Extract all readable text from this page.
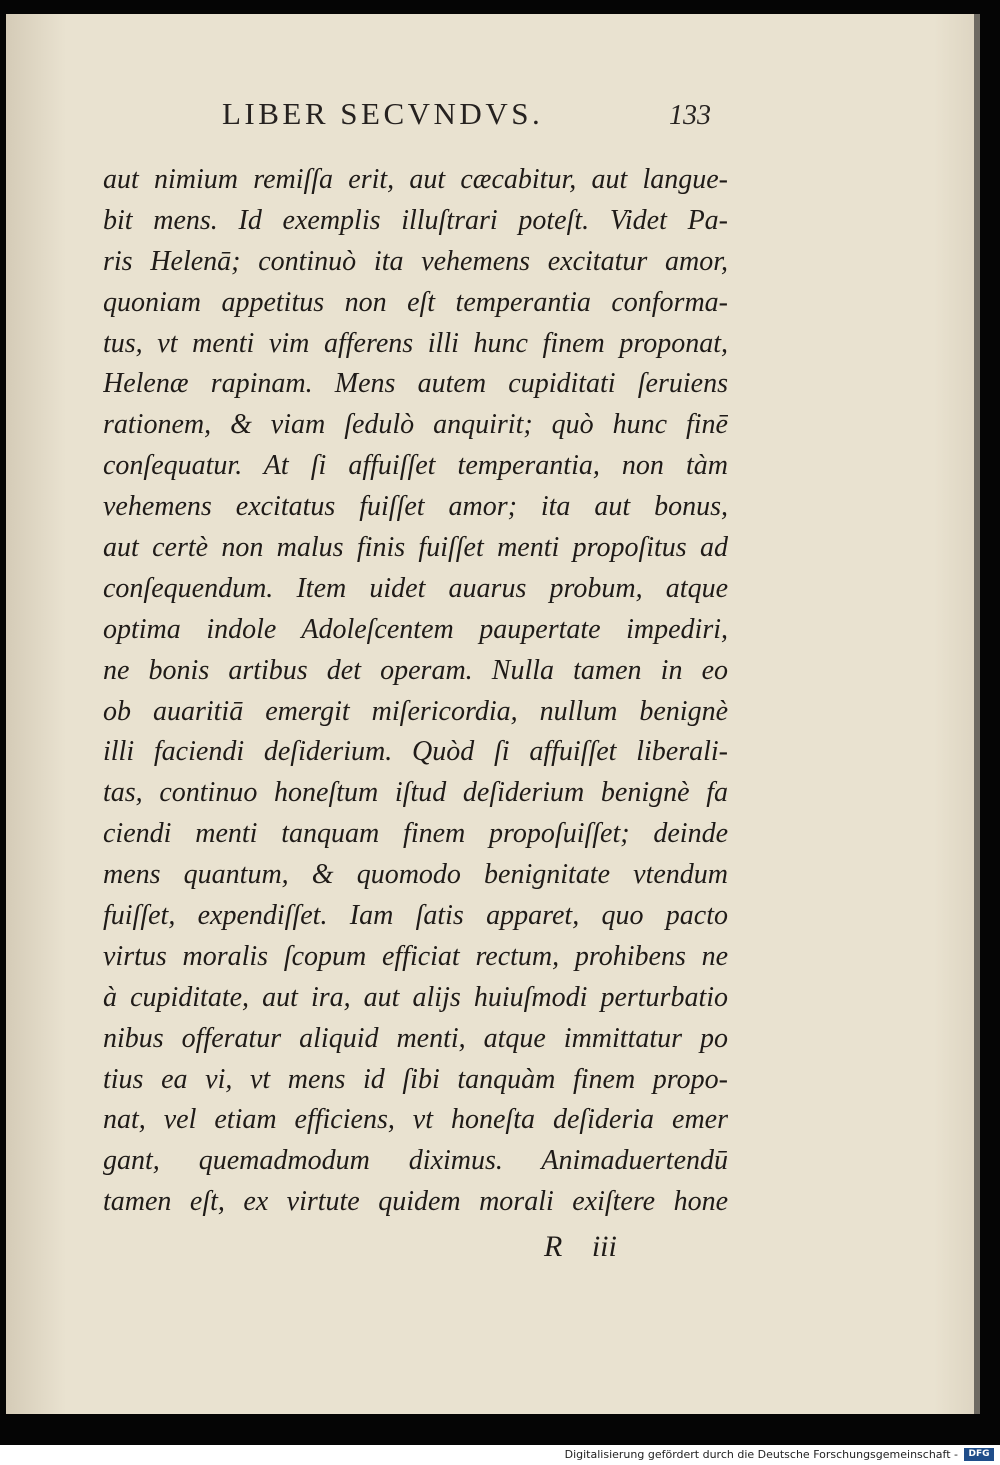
LIBER SECVNDVS.	133
aut nimium remiſſa erit, aut cæcabitur, aut langue-
bit mens. Id exemplis illuſtrari poteſt. Videt Pa-
ris Helenā; continuò ita vehemens excitatur amor,
quoniam appetitus non eſt temperantia conforma-
tus, vt menti vim afferens illi hunc finem proponat,
Helenæ rapinam. Mens autem cupiditati ſeruiens
rationem, & viam ſedulò anquirit; quò hunc finē
conſequatur. At ſi affuiſſet temperantia, non tàm
vehemens excitatus fuiſſet amor; ita aut bonus,
aut certè non malus finis fuiſſet menti propoſitus ad
conſequendum. Item uidet auarus probum, atque
optima indole Adoleſcentem paupertate impediri,
ne bonis artibus det operam. Nulla tamen in eo
ob auaritiā emergit miſericordia, nullum benignè
illi faciendi deſiderium. Quòd ſi affuiſſet liberali-
tas, continuo honeſtum iſtud deſiderium benignè fa
ciendi menti tanquam finem propoſuiſſet; deinde
mens quantum, & quomodo benignitate vtendum
fuiſſet, expendiſſet. Iam ſatis apparet, quo pacto
virtus moralis ſcopum efficiat rectum, prohibens ne
à cupiditate, aut ira, aut alijs huiuſmodi perturbatio
nibus offeratur aliquid menti, atque immittatur po
tius ea vi, vt mens id ſibi tanquàm finem propo-
nat, vel etiam efficiens, vt honeſta deſideria emer
gant, quemadmodum diximus. Animaduertendū
tamen eſt, ex virtute quidem morali exiſtere hone
R iii
Digitalisierung gefördert durch die Deutsche Forschungsgemeinschaft -	DFG
